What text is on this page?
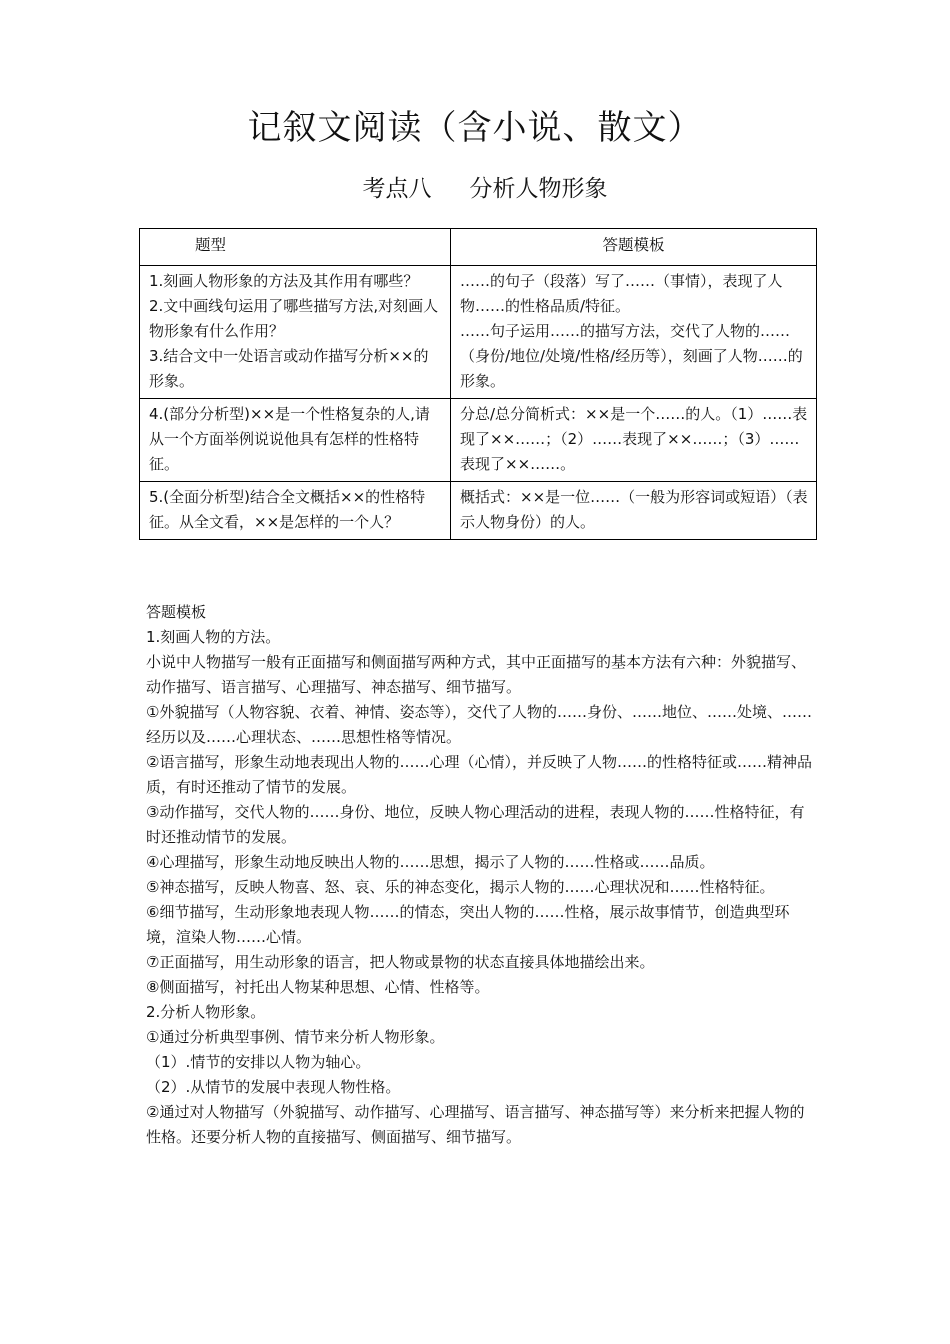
记叙文阅读（含小说、散文）
考点八 分析人物形象
题型	答题模板

1.刻画人物形象的方法及其作用有哪些？
2.文中画线句运用了哪些描写方法,对刻画人物形象有什么作用？
3.结合文中一处语言或动作描写分析××的形象。	……的句子（段落）写了……（事情），表现了人物……的性格品质/特征。
……句子运用……的描写方法，交代了人物的……（身份/地位/处境/性格/经历等），刻画了人物……的形象。

4.(部分分析型)××是一个性格复杂的人,请从一个方面举例说说他具有怎样的性格特征。	分总/总分简析式：××是一个……的人。（1）……表现了××……；（2）……表现了××……；（3）……表现了××……。

5.(全面分析型)结合全文概括××的性格特征。从全文看，××是怎样的一个人？	概括式：××是一位……（一般为形容词或短语）（表示人物身份）的人。

答题模板

1.刻画人物的方法。

小说中人物描写一般有正面描写和侧面描写两种方式，其中正面描写的基本方法有六种：外貌描写、动作描写、语言描写、心理描写、神态描写、细节描写。

①外貌描写（人物容貌、衣着、神情、姿态等），交代了人物的……身份、……地位、……处境、……经历以及……心理状态、……思想性格等情况。

②语言描写，形象生动地表现出人物的……心理（心情），并反映了人物……的性格特征或……精神品质，有时还推动了情节的发展。

③动作描写，交代人物的……身份、地位，反映人物心理活动的进程，表现人物的……性格特征，有时还推动情节的发展。

④心理描写，形象生动地反映出人物的……思想，揭示了人物的……性格或……品质。

⑤神态描写，反映人物喜、怒、哀、乐的神态变化，揭示人物的……心理状况和……性格特征。

⑥细节描写，生动形象地表现人物……的情态，突出人物的……性格，展示故事情节，创造典型环境，渲染人物……心情。

⑦正面描写，用生动形象的语言，把人物或景物的状态直接具体地描绘出来。

⑧侧面描写，衬托出人物某种思想、心情、性格等。

2.分析人物形象。

①通过分析典型事例、情节来分析人物形象。

（1）.情节的安排以人物为轴心。

（2）.从情节的发展中表现人物性格。

②通过对人物描写（外貌描写、动作描写、心理描写、语言描写、神态描写等）来分析来把握人物的性格。还要分析人物的直接描写、侧面描写、细节描写。
